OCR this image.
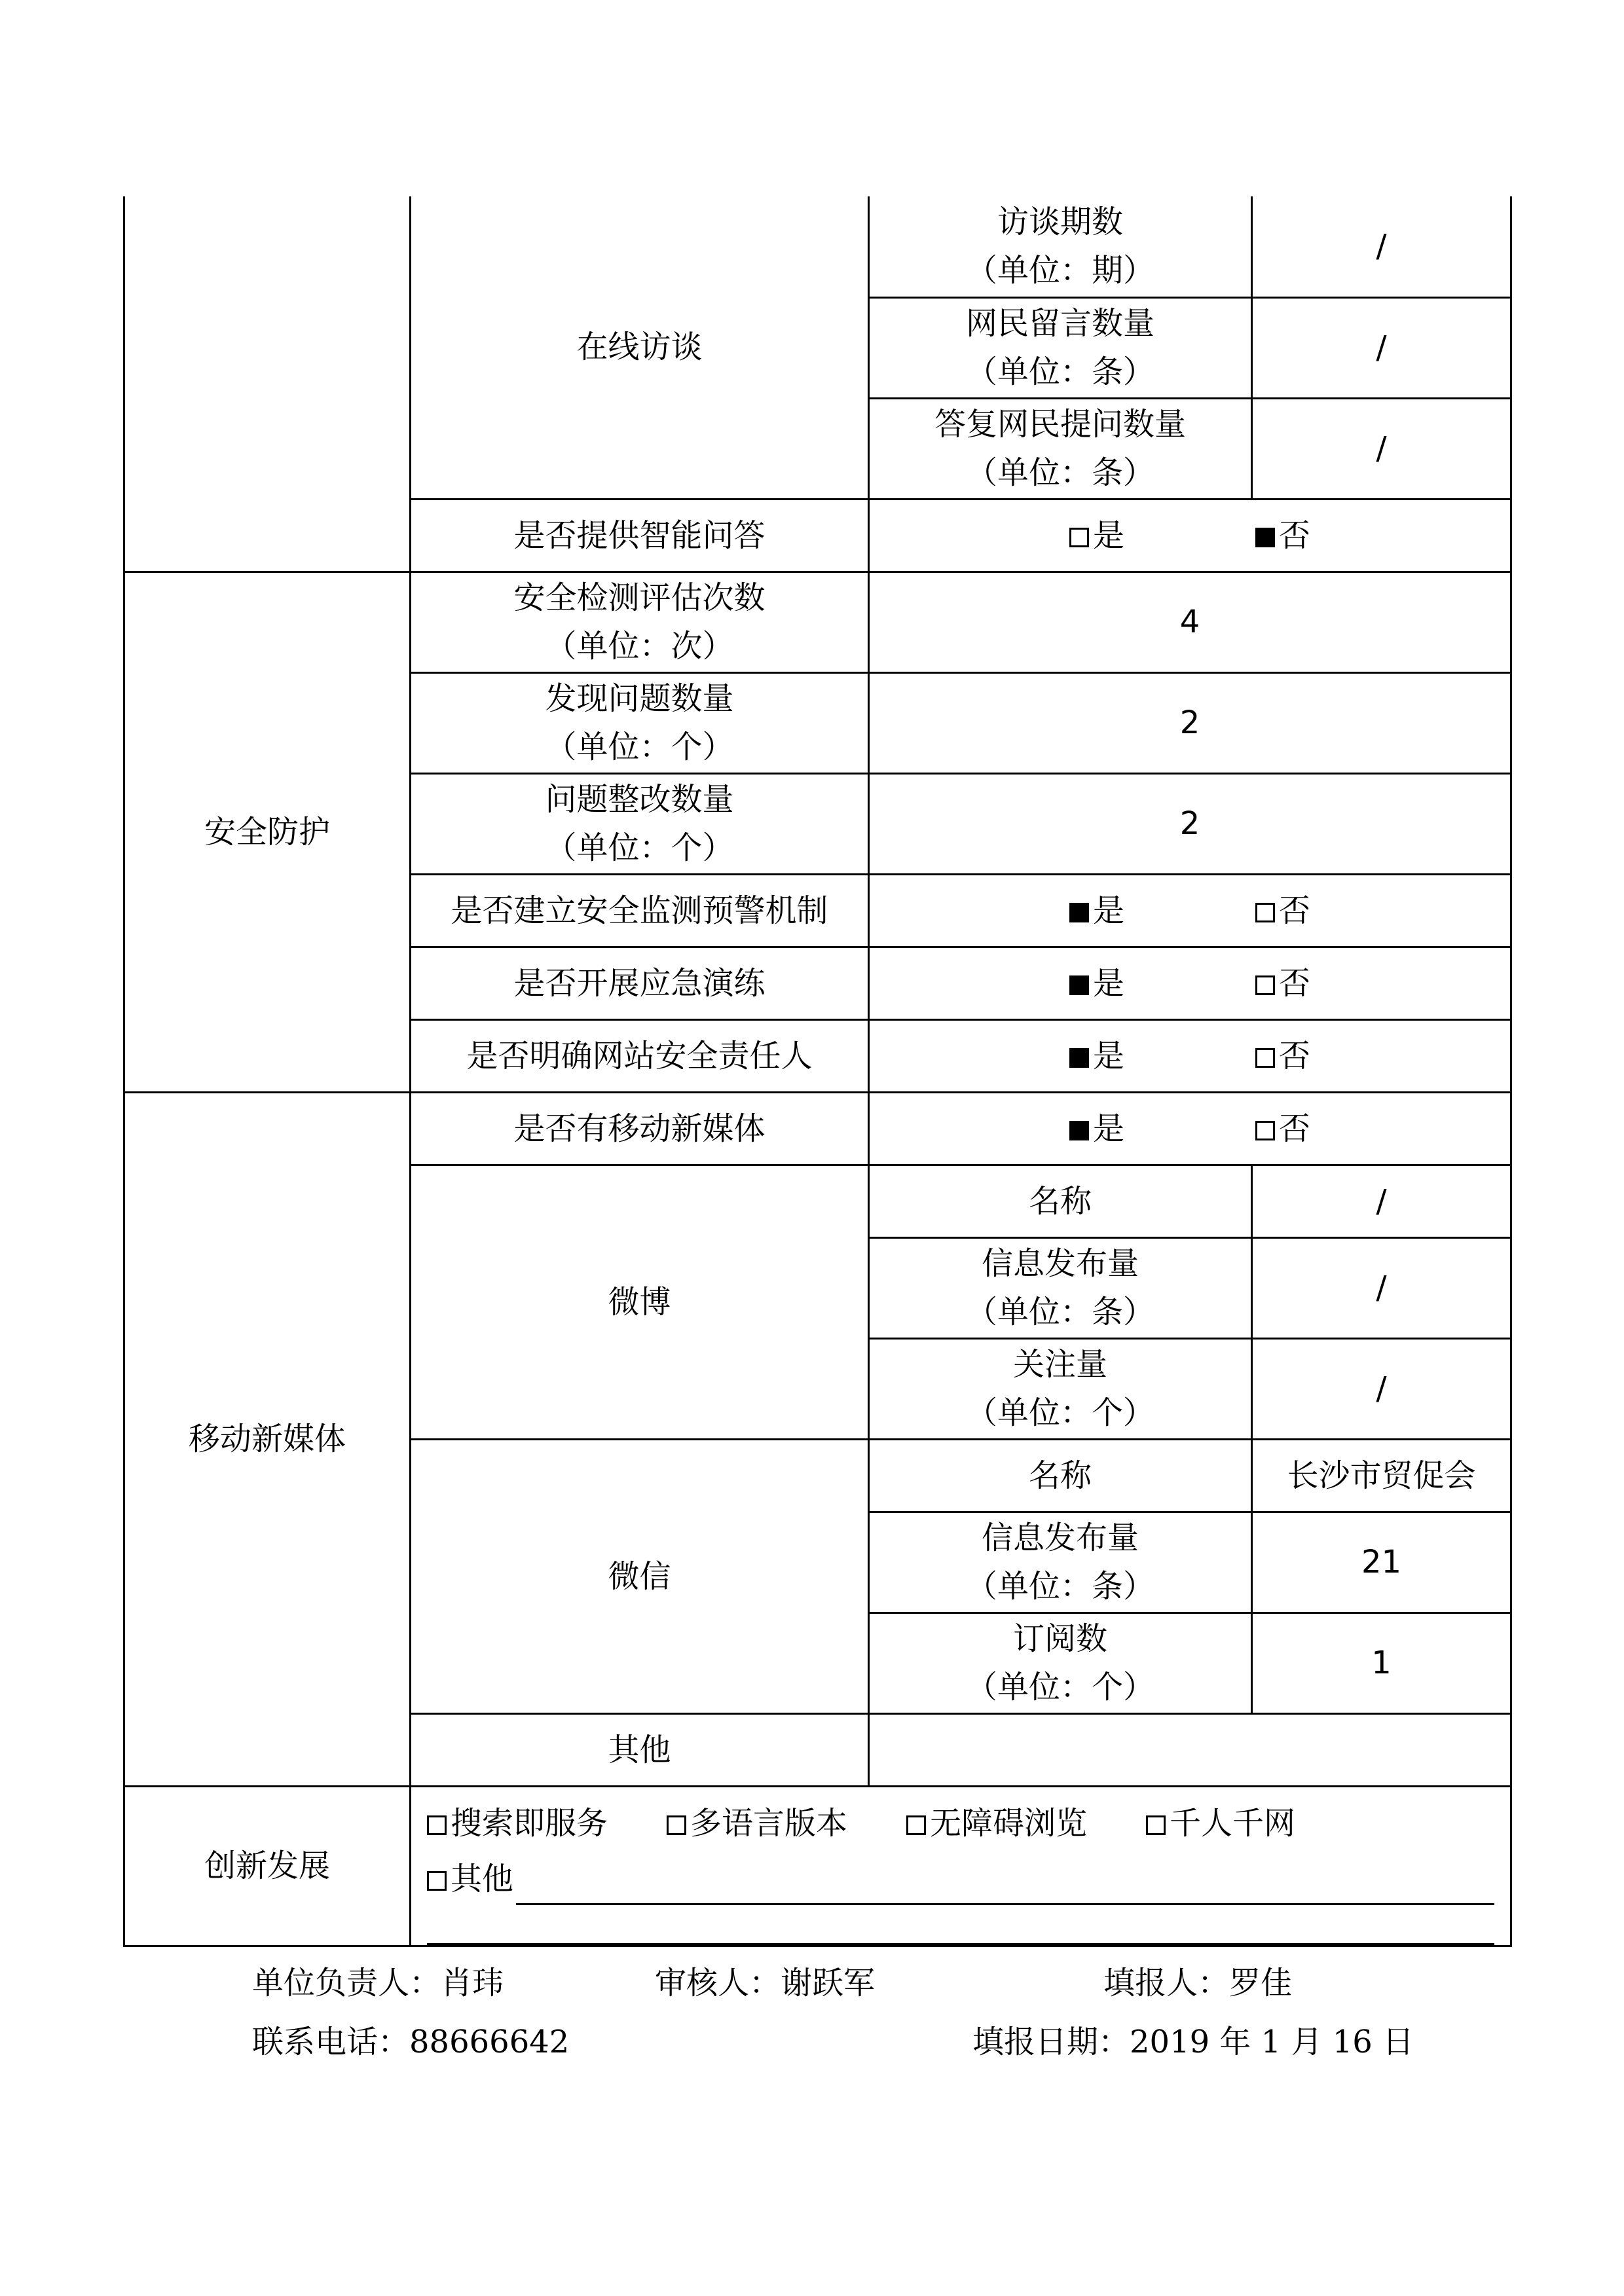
	在线访谈	访谈期数
（单位：期）	/

		网民留言数量
（单位：条）	/

		答复网民提问数量
（单位：条）	/
	是否提供智能问答	是 否	

安全防护	安全检测评估次数
（单位：次）	4	

	发现问题数量
（单位：个）	2	

	问题整改数量
（单位：个）	2	
	是否建立安全监测预警机制	是 否	

	是否开展应急演练	是 否	

	是否明确网站安全责任人	是 否	

移动新媒体	是否有移动新媒体	是 否	

	微博	名称	/

		信息发布量
（单位：条）	/

		关注量
（单位：个）	/
	微信	名称	长沙市贸促会

		信息发布量
（单位：条）	21

		订阅数
（单位：个）	1
	其他		
创新发展	搜索即服务 多语言版本 无障碍浏览 千人千网
其他		
单位负责人：肖玮	审核人：谢跃军	填报人：罗佳
联系电话：88666642	填报日期：2019 年 1 月 16 日
